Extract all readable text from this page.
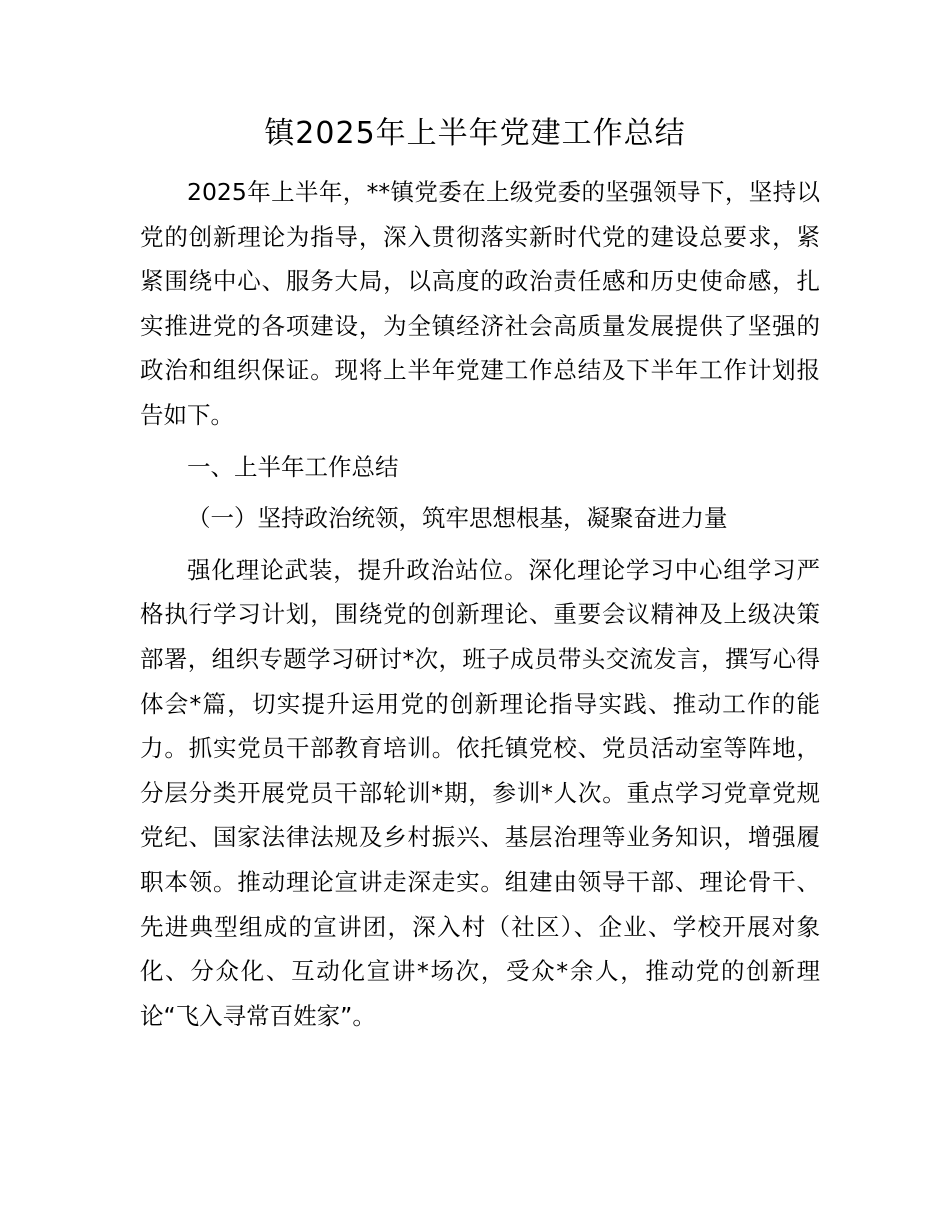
镇2025年上半年党建工作总结

2025年上半年，**镇党委在上级党委的坚强领导下，坚持以党的创新理论为指导，深入贯彻落实新时代党的建设总要求，紧紧围绕中心、服务大局，以高度的政治责任感和历史使命感，扎实推进党的各项建设，为全镇经济社会高质量发展提供了坚强的政治和组织保证。现将上半年党建工作总结及下半年工作计划报告如下。

一、上半年工作总结

（一）坚持政治统领，筑牢思想根基，凝聚奋进力量

强化理论武装，提升政治站位。深化理论学习中心组学习严格执行学习计划，围绕党的创新理论、重要会议精神及上级决策部署，组织专题学习研讨*次，班子成员带头交流发言，撰写心得体会*篇，切实提升运用党的创新理论指导实践、推动工作的能力。抓实党员干部教育培训。依托镇党校、党员活动室等阵地，分层分类开展党员干部轮训*期，参训*人次。重点学习党章党规党纪、国家法律法规及乡村振兴、基层治理等业务知识，增强履职本领。推动理论宣讲走深走实。组建由领导干部、理论骨干、先进典型组成的宣讲团，深入村（社区）、企业、学校开展对象化、分众化、互动化宣讲*场次，受众*余人，推动党的创新理论“飞入寻常百姓家”。
